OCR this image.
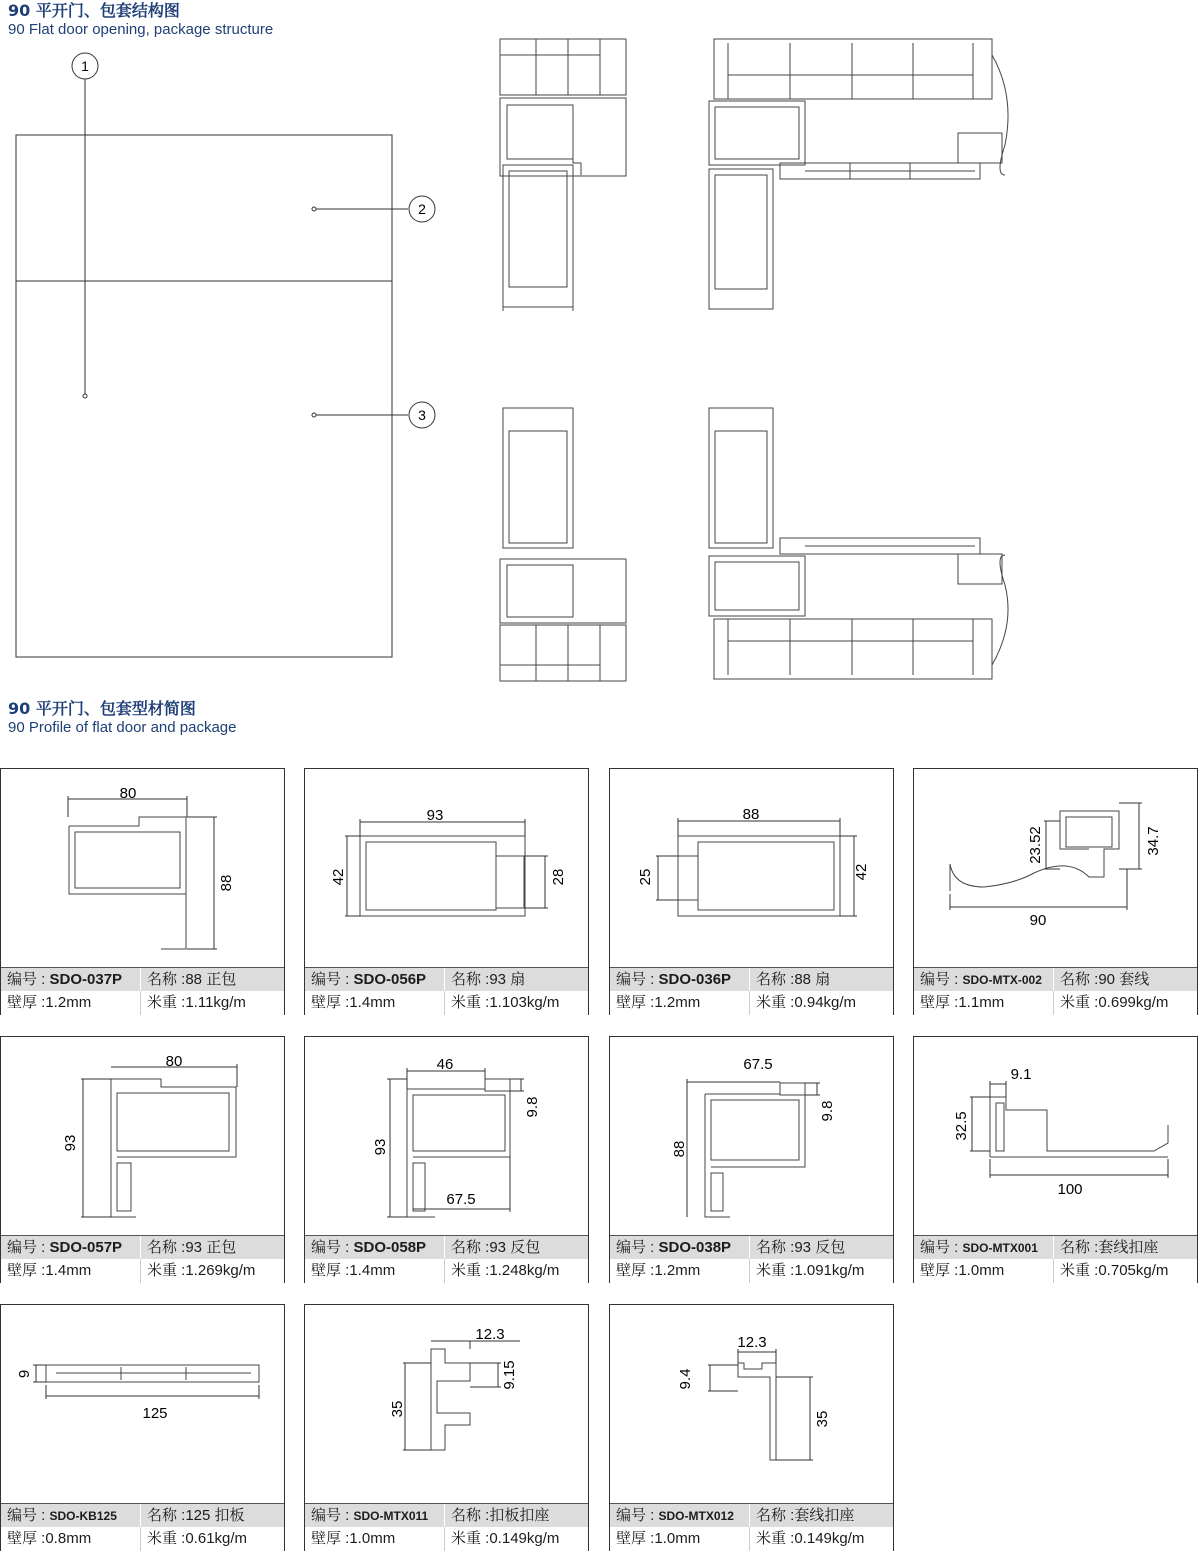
90 平开门、包套结构图
90 Flat door opening, package structure
1
2
3
90 平开门、包套型材简图
90 Profile of flat door and package
80
88
编号 : SDO-037P	名称 :88 正包
壁厚 :1.2mm	米重 :1.11kg/m
93
42	28
编号 : SDO-056P	名称 :93 扇
壁厚 :1.4mm	米重 :1.103kg/m
88
25	42
编号 : SDO-036P	名称 :88 扇
壁厚 :1.2mm	米重 :0.94kg/m
90
23.52	34.7
编号 : SDO-MTX-002	名称 :90 套线
壁厚 :1.1mm	米重 :0.699kg/m
80
93
编号 : SDO-057P	名称 :93 正包
壁厚 :1.4mm	米重 :1.269kg/m
46
9.8
93
67.5
编号 : SDO-058P	名称 :93 反包
壁厚 :1.4mm	米重 :1.248kg/m
67.5
9.8
88
编号 : SDO-038P	名称 :93 反包
壁厚 :1.2mm	米重 :1.091kg/m
9.1
32.5
100
编号 : SDO-MTX001	名称 :套线扣座
壁厚 :1.0mm	米重 :0.705kg/m
9
125
编号 : SDO-KB125	名称 :125 扣板
壁厚 :0.8mm	米重 :0.61kg/m
12.3
9.15
35
编号 : SDO-MTX011	名称 :扣板扣座
壁厚 :1.0mm	米重 :0.149kg/m
12.3
9.4
35
编号 : SDO-MTX012	名称 :套线扣座
壁厚 :1.0mm	米重 :0.149kg/m
